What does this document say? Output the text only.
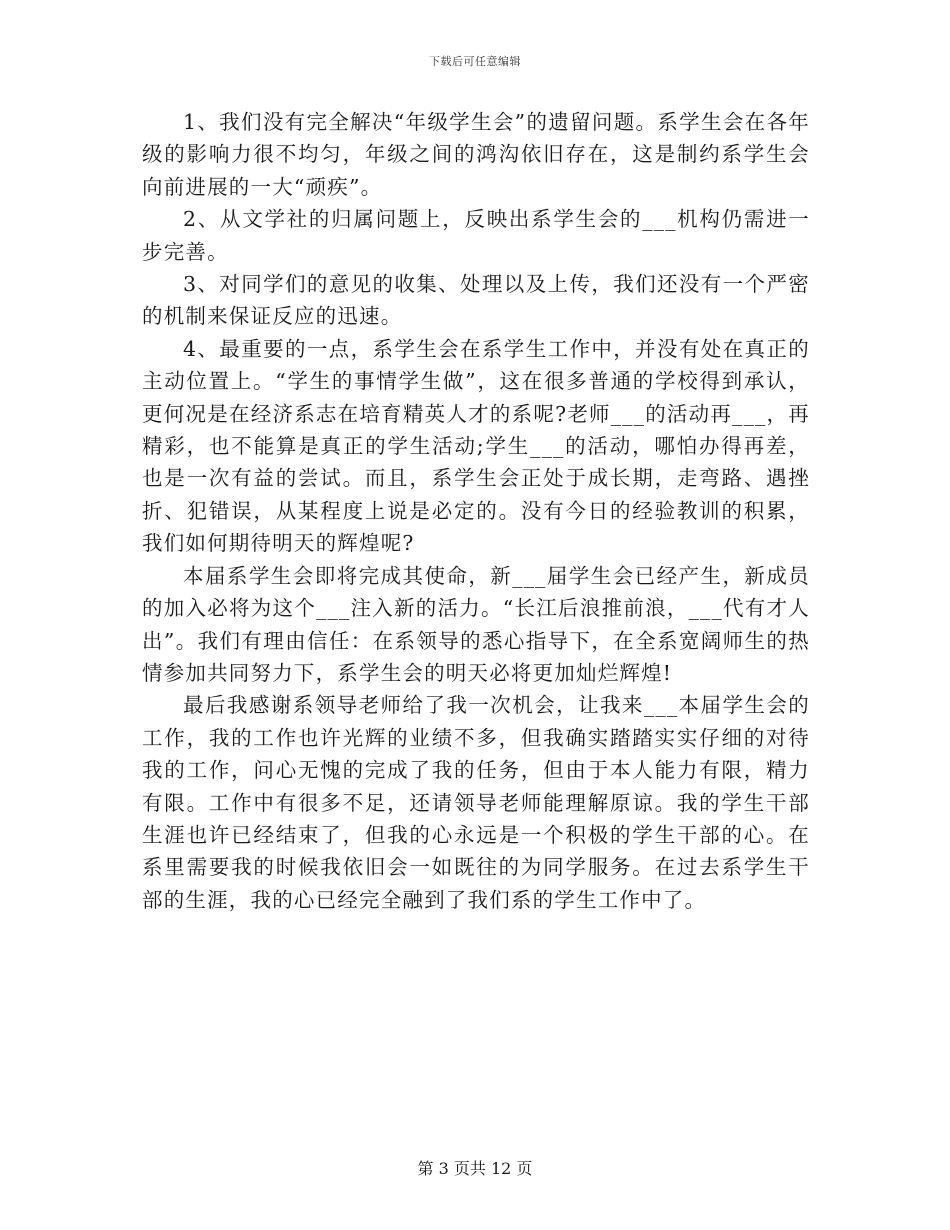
下载后可任意编辑

1、我们没有完全解决“年级学生会”的遗留问题。系学生会在各年级的影响力很不均匀，年级之间的鸿沟依旧存在，这是制约系学生会向前进展的一大“顽疾”。

2、从文学社的归属问题上，反映出系学生会的___机构仍需进一步完善。

3、对同学们的意见的收集、处理以及上传，我们还没有一个严密的机制来保证反应的迅速。

4、最重要的一点，系学生会在系学生工作中，并没有处在真正的主动位置上。“学生的事情学生做”，这在很多普通的学校得到承认，更何况是在经济系志在培育精英人才的系呢?老师___的活动再___，再精彩，也不能算是真正的学生活动;学生___的活动，哪怕办得再差，也是一次有益的尝试。而且，系学生会正处于成长期，走弯路、遇挫折、犯错误，从某程度上说是必定的。没有今日的经验教训的积累，我们如何期待明天的辉煌呢?

本届系学生会即将完成其使命，新___届学生会已经产生，新成员的加入必将为这个___注入新的活力。“长江后浪推前浪，___代有才人出”。我们有理由信任：在系领导的悉心指导下，在全系宽阔师生的热情参加共同努力下，系学生会的明天必将更加灿烂辉煌!

最后我感谢系领导老师给了我一次机会，让我来___本届学生会的工作，我的工作也许光辉的业绩不多，但我确实踏踏实实仔细的对待我的工作，问心无愧的完成了我的任务，但由于本人能力有限，精力有限。工作中有很多不足，还请领导老师能理解原谅。我的学生干部生涯也许已经结束了，但我的心永远是一个积极的学生干部的心。在系里需要我的时候我依旧会一如既往的为同学服务。在过去系学生干部的生涯，我的心已经完全融到了我们系的学生工作中了。

第 3 页共 12 页
